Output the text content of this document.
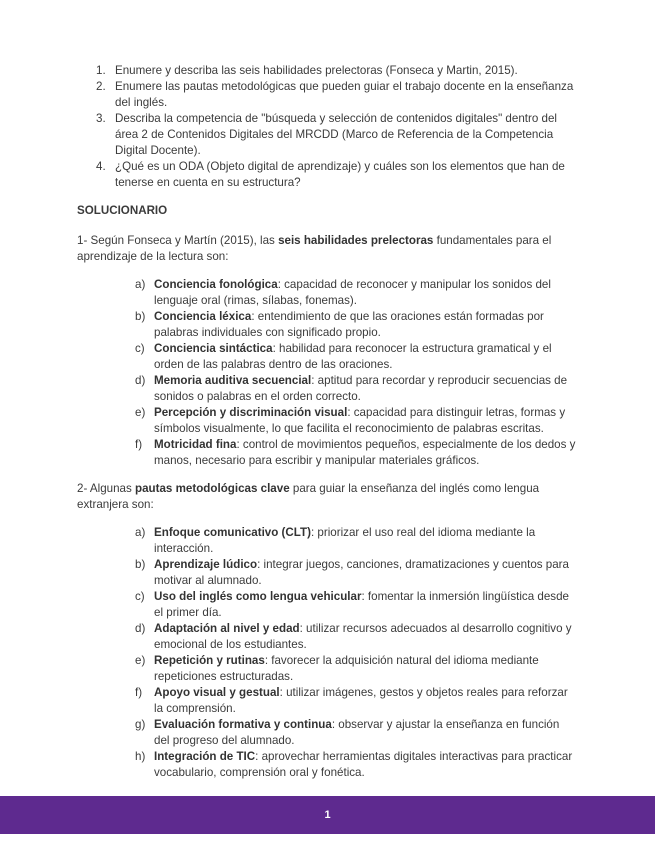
1. Enumere y describa las seis habilidades prelectoras (Fonseca y Martin, 2015).
2. Enumere las pautas metodológicas que pueden guiar el trabajo docente en la enseñanza del inglés.
3. Describa la competencia de "búsqueda y selección de contenidos digitales" dentro del área 2 de Contenidos Digitales del MRCDD (Marco de Referencia de la Competencia Digital Docente).
4. ¿Qué es un ODA (Objeto digital de aprendizaje) y cuáles son los elementos que han de tenerse en cuenta en su estructura?
SOLUCIONARIO

1- Según Fonseca y Martín (2015), las seis habilidades prelectoras fundamentales para el aprendizaje de la lectura son:

a) Conciencia fonológica: capacidad de reconocer y manipular los sonidos del lenguaje oral (rimas, sílabas, fonemas).
b) Conciencia léxica: entendimiento de que las oraciones están formadas por palabras individuales con significado propio.
c) Conciencia sintáctica: habilidad para reconocer la estructura gramatical y el orden de las palabras dentro de las oraciones.
d) Memoria auditiva secuencial: aptitud para recordar y reproducir secuencias de sonidos o palabras en el orden correcto.
e) Percepción y discriminación visual: capacidad para distinguir letras, formas y símbolos visualmente, lo que facilita el reconocimiento de palabras escritas.
f) Motricidad fina: control de movimientos pequeños, especialmente de los dedos y manos, necesario para escribir y manipular materiales gráficos.

2- Algunas pautas metodológicas clave para guiar la enseñanza del inglés como lengua extranjera son:

a) Enfoque comunicativo (CLT): priorizar el uso real del idioma mediante la interacción.
b) Aprendizaje lúdico: integrar juegos, canciones, dramatizaciones y cuentos para motivar al alumnado.
c) Uso del inglés como lengua vehicular: fomentar la inmersión lingüística desde el primer día.
d) Adaptación al nivel y edad: utilizar recursos adecuados al desarrollo cognitivo y emocional de los estudiantes.
e) Repetición y rutinas: favorecer la adquisición natural del idioma mediante repeticiones estructuradas.
f) Apoyo visual y gestual: utilizar imágenes, gestos y objetos reales para reforzar la comprensión.
g) Evaluación formativa y continua: observar y ajustar la enseñanza en función del progreso del alumnado.
h) Integración de TIC: aprovechar herramientas digitales interactivas para practicar vocabulario, comprensión oral y fonética.
1
